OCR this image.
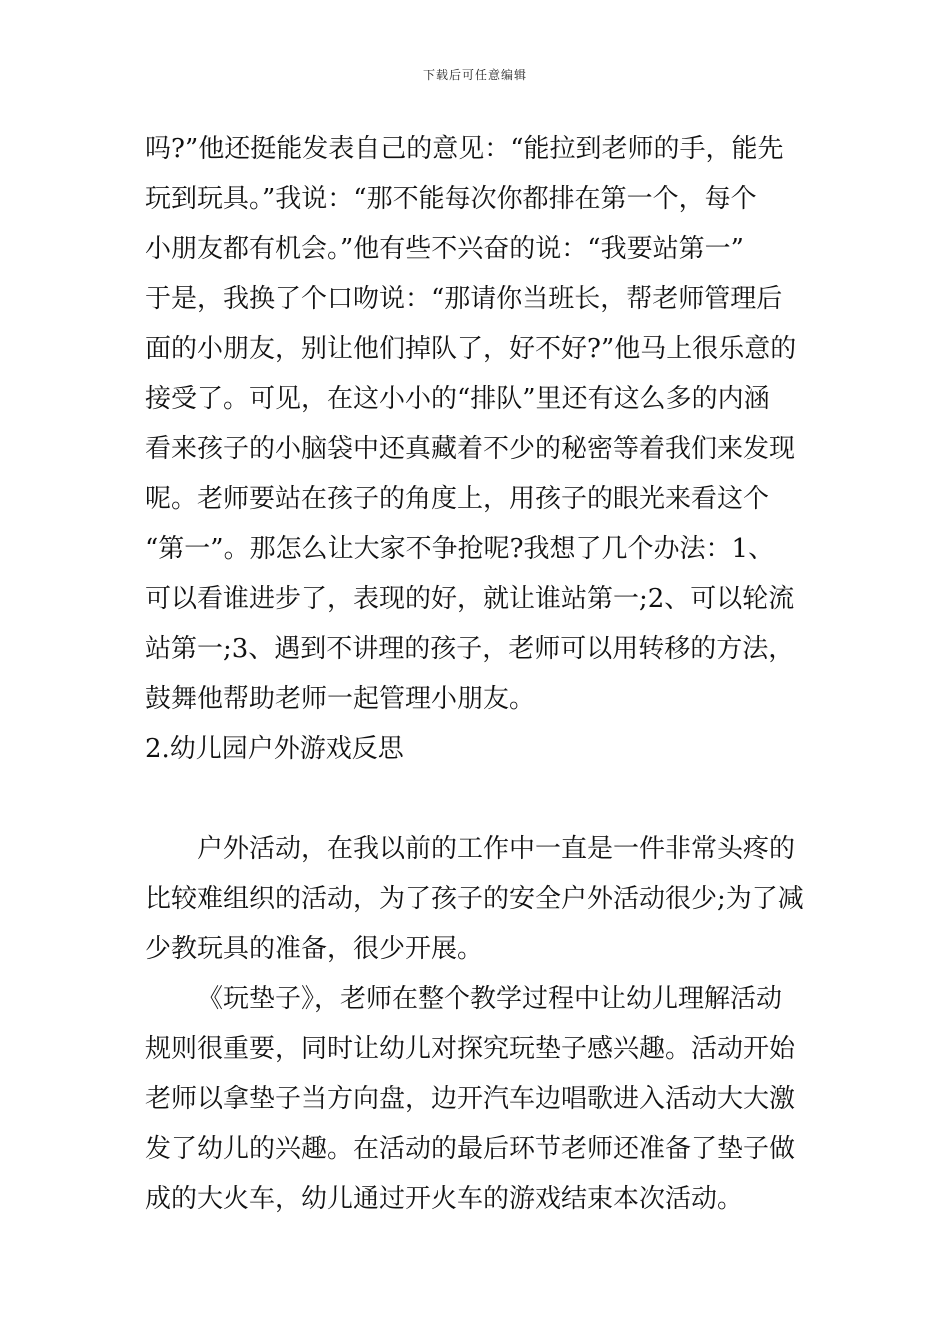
下载后可任意编辑
吗?”他还挺能发表自己的意见：“能拉到老师的手，能先
玩到玩具。”我说：“那不能每次你都排在第一个，每个
小朋友都有机会。”他有些不兴奋的说：“我要站第一”
于是，我换了个口吻说：“那请你当班长，帮老师管理后
面的小朋友，别让他们掉队了，好不好?”他马上很乐意的
接受了。可见，在这小小的“排队”里还有这么多的内涵
看来孩子的小脑袋中还真藏着不少的秘密等着我们来发现
呢。老师要站在孩子的角度上，用孩子的眼光来看这个
“第一”。那怎么让大家不争抢呢?我想了几个办法：1、
可以看谁进步了，表现的好，就让谁站第一;2、可以轮流
站第一;3、遇到不讲理的孩子，老师可以用转移的方法，
鼓舞他帮助老师一起管理小朋友。
2.幼儿园户外游戏反思
户外活动，在我以前的工作中一直是一件非常头疼的
比较难组织的活动，为了孩子的安全户外活动很少;为了减
少教玩具的准备，很少开展。
《玩垫子》，老师在整个教学过程中让幼儿理解活动
规则很重要，同时让幼儿对探究玩垫子感兴趣。活动开始
老师以拿垫子当方向盘，边开汽车边唱歌进入活动大大激
发了幼儿的兴趣。在活动的最后环节老师还准备了垫子做
成的大火车，幼儿通过开火车的游戏结束本次活动。
